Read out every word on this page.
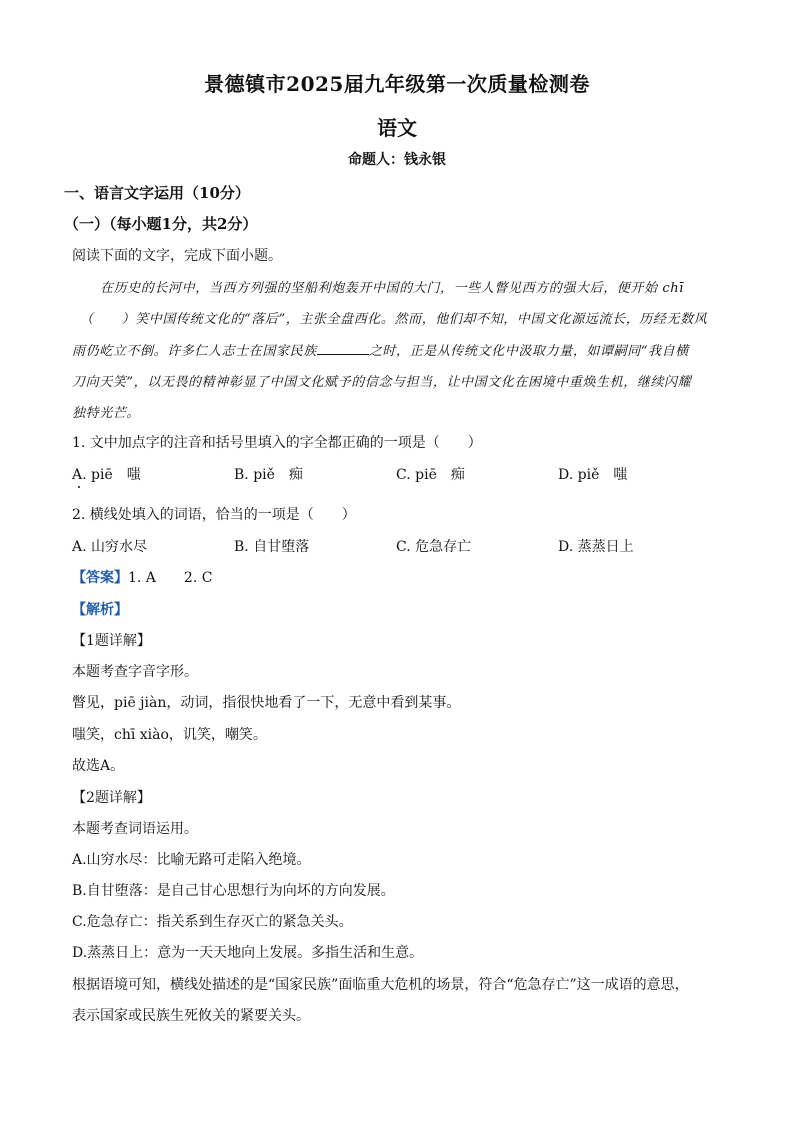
景德镇市2025届九年级第一次质量检测卷
语文
命题人：钱永银
一、语言文字运用（10分）
（一）（每小题1分，共2分）
阅读下面的文字，完成下面小题。
在历史的长河中，当西方列强的坚船利炮轰开中国的大门，一些人瞥见西方的强大后，便开始 chī
（ ）笑中国传统文化的“落后”，主张全盘西化。然而，他们却不知，中国文化源远流长，历经无数风
雨仍屹立不倒。许多仁人志士在国家民族	之时，正是从传统文化中汲取力量，如谭嗣同“我自横
刀向天笑”，以无畏的精神彰显了中国文化赋予的信念与担当，让中国文化在困境中重焕生机，继续闪耀
独特光芒。
1. 文中加点字的注音和括号里填入的字全都正确的一项是（　　）
A. piē　嗤	B. piě　痴	C. piē　痴	D. piě　嗤
2. 横线处填入的词语，恰当的一项是（　　）
A. 山穷水尽	B. 自甘堕落	C. 危急存亡	D. 蒸蒸日上
【答案】1. A　　2. C
【解析】
【1题详解】
本题考查字音字形。
瞥见，piē jiàn，动词，指很快地看了一下，无意中看到某事。
嗤笑，chī xiào，讥笑，嘲笑。
故选A。
【2题详解】
本题考查词语运用。
A.山穷水尽：比喻无路可走陷入绝境。
B.自甘堕落：是自己甘心思想行为向坏的方向发展。
C.危急存亡：指关系到生存灭亡的紧急关头。
D.蒸蒸日上：意为一天天地向上发展。多指生活和生意。
根据语境可知，横线处描述的是“国家民族”面临重大危机的场景，符合“危急存亡”这一成语的意思，
表示国家或民族生死攸关的紧要关头。
